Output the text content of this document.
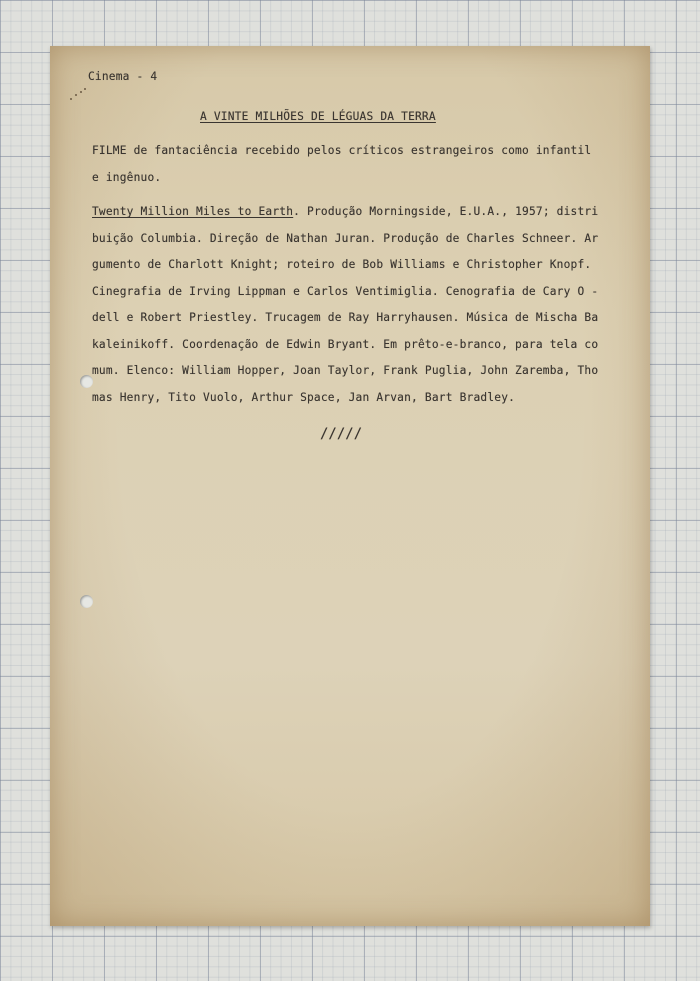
Cinema - 4
A VINTE MILHÕES DE LÉGUAS DA TERRA
FILME de fantaciência recebido pelos críticos estrangeiros como infantil
e ingênuo.
Twenty Million Miles to Earth. Produção Morningside, E.U.A., 1957; distri
buição Columbia. Direção de Nathan Juran. Produção de Charles Schneer. Ar
gumento de Charlott Knight; roteiro de Bob Williams e Christopher Knopf.
Cinegrafia de Irving Lippman e Carlos Ventimiglia. Cenografia de Cary O -
dell e Robert Priestley. Trucagem de Ray Harryhausen. Música de Mischa Ba
kaleinikoff. Coordenação de Edwin Bryant. Em prêto-e-branco, para tela co
mum. Elenco: William Hopper, Joan Taylor, Frank Puglia, John Zaremba, Tho
mas Henry, Tito Vuolo, Arthur Space, Jan Arvan, Bart Bradley.
/////
